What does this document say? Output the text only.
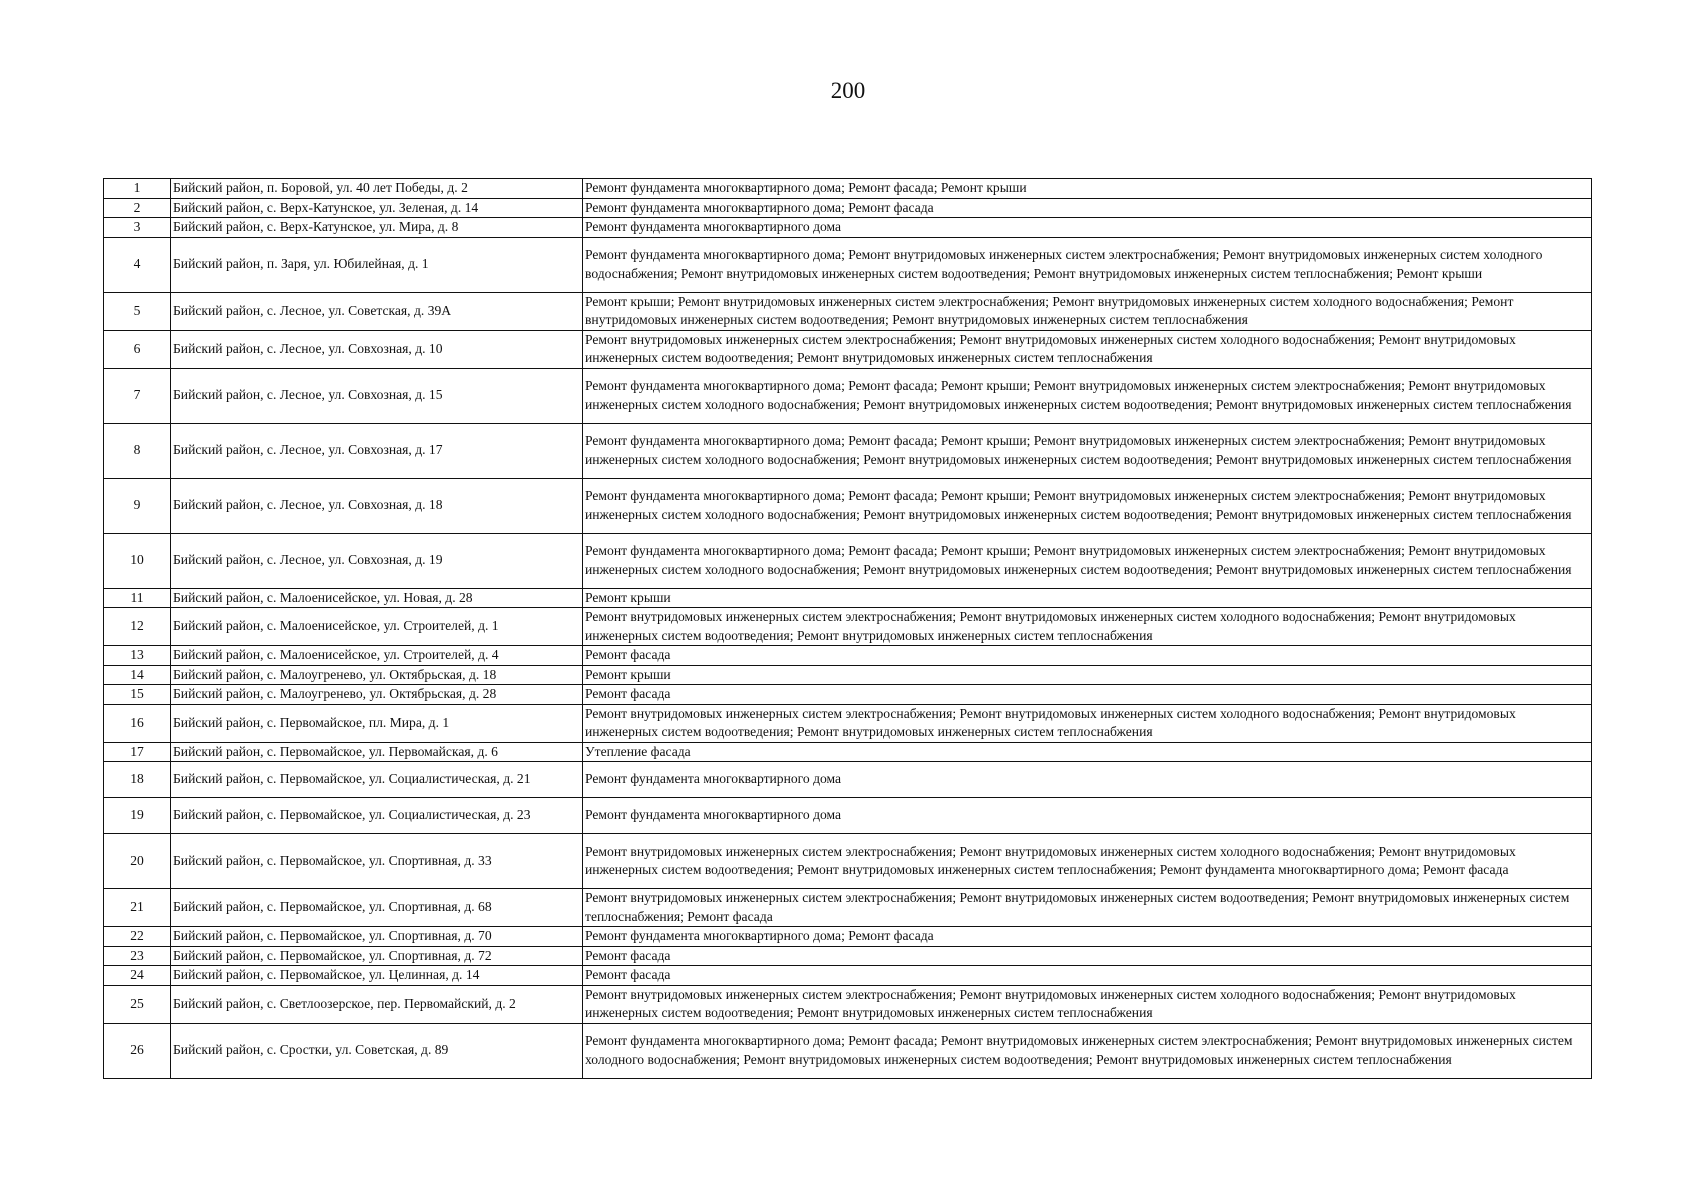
200
1	Бийский район, п. Боровой, ул. 40 лет Победы, д. 2	Ремонт фундамента многоквартирного дома; Ремонт фасада; Ремонт крыши
2	Бийский район, с. Верх-Катунское, ул. Зеленая, д. 14	Ремонт фундамента многоквартирного дома; Ремонт фасада
3	Бийский район, с. Верх-Катунское, ул. Мира, д. 8	Ремонт фундамента многоквартирного дома
4	Бийский район, п. Заря, ул. Юбилейная, д. 1	Ремонт фундамента многоквартирного дома; Ремонт внутридомовых инженерных систем электроснабжения; Ремонт внутридомовых инженерных систем холодного водоснабжения; Ремонт внутридомовых инженерных систем водоотведения; Ремонт внутридомовых инженерных систем теплоснабжения; Ремонт крыши
5	Бийский район, с. Лесное, ул. Советская, д. 39А	Ремонт крыши; Ремонт внутридомовых инженерных систем электроснабжения; Ремонт внутридомовых инженерных систем холодного водоснабжения; Ремонт внутридомовых инженерных систем водоотведения; Ремонт внутридомовых инженерных систем теплоснабжения
6	Бийский район, с. Лесное, ул. Совхозная, д. 10	Ремонт внутридомовых инженерных систем электроснабжения; Ремонт внутридомовых инженерных систем холодного водоснабжения; Ремонт внутридомовых инженерных систем водоотведения; Ремонт внутридомовых инженерных систем теплоснабжения
7	Бийский район, с. Лесное, ул. Совхозная, д. 15	Ремонт фундамента многоквартирного дома; Ремонт фасада; Ремонт крыши; Ремонт внутридомовых инженерных систем электроснабжения; Ремонт внутридомовых инженерных систем холодного водоснабжения; Ремонт внутридомовых инженерных систем водоотведения; Ремонт внутридомовых инженерных систем теплоснабжения
8	Бийский район, с. Лесное, ул. Совхозная, д. 17	Ремонт фундамента многоквартирного дома; Ремонт фасада; Ремонт крыши; Ремонт внутридомовых инженерных систем электроснабжения; Ремонт внутридомовых инженерных систем холодного водоснабжения; Ремонт внутридомовых инженерных систем водоотведения; Ремонт внутридомовых инженерных систем теплоснабжения
9	Бийский район, с. Лесное, ул. Совхозная, д. 18	Ремонт фундамента многоквартирного дома; Ремонт фасада; Ремонт крыши; Ремонт внутридомовых инженерных систем электроснабжения; Ремонт внутридомовых инженерных систем холодного водоснабжения; Ремонт внутридомовых инженерных систем водоотведения; Ремонт внутридомовых инженерных систем теплоснабжения
10	Бийский район, с. Лесное, ул. Совхозная, д. 19	Ремонт фундамента многоквартирного дома; Ремонт фасада; Ремонт крыши; Ремонт внутридомовых инженерных систем электроснабжения; Ремонт внутридомовых инженерных систем холодного водоснабжения; Ремонт внутридомовых инженерных систем водоотведения; Ремонт внутридомовых инженерных систем теплоснабжения
11	Бийский район, с. Малоенисейское, ул. Новая, д. 28	Ремонт крыши
12	Бийский район, с. Малоенисейское, ул. Строителей, д. 1	Ремонт внутридомовых инженерных систем электроснабжения; Ремонт внутридомовых инженерных систем холодного водоснабжения; Ремонт внутридомовых инженерных систем водоотведения; Ремонт внутридомовых инженерных систем теплоснабжения
13	Бийский район, с. Малоенисейское, ул. Строителей, д. 4	Ремонт фасада
14	Бийский район, с. Малоугренево, ул. Октябрьская, д. 18	Ремонт крыши
15	Бийский район, с. Малоугренево, ул. Октябрьская, д. 28	Ремонт фасада
16	Бийский район, с. Первомайское, пл. Мира, д. 1	Ремонт внутридомовых инженерных систем электроснабжения; Ремонт внутридомовых инженерных систем холодного водоснабжения; Ремонт внутридомовых инженерных систем водоотведения; Ремонт внутридомовых инженерных систем теплоснабжения
17	Бийский район, с. Первомайское, ул. Первомайская, д. 6	Утепление фасада
18	Бийский район, с. Первомайское, ул. Социалистическая, д. 21	Ремонт фундамента многоквартирного дома
19	Бийский район, с. Первомайское, ул. Социалистическая, д. 23	Ремонт фундамента многоквартирного дома
20	Бийский район, с. Первомайское, ул. Спортивная, д. 33	Ремонт внутридомовых инженерных систем электроснабжения; Ремонт внутридомовых инженерных систем холодного водоснабжения; Ремонт внутридомовых инженерных систем водоотведения; Ремонт внутридомовых инженерных систем теплоснабжения; Ремонт фундамента многоквартирного дома; Ремонт фасада
21	Бийский район, с. Первомайское, ул. Спортивная, д. 68	Ремонт внутридомовых инженерных систем электроснабжения; Ремонт внутридомовых инженерных систем водоотведения; Ремонт внутридомовых инженерных систем теплоснабжения; Ремонт фасада
22	Бийский район, с. Первомайское, ул. Спортивная, д. 70	Ремонт фундамента многоквартирного дома; Ремонт фасада
23	Бийский район, с. Первомайское, ул. Спортивная, д. 72	Ремонт фасада
24	Бийский район, с. Первомайское, ул. Целинная, д. 14	Ремонт фасада
25	Бийский район, с. Светлоозерское, пер. Первомайский, д. 2	Ремонт внутридомовых инженерных систем электроснабжения; Ремонт внутридомовых инженерных систем холодного водоснабжения; Ремонт внутридомовых инженерных систем водоотведения; Ремонт внутридомовых инженерных систем теплоснабжения
26	Бийский район, с. Сростки, ул. Советская, д. 89	Ремонт фундамента многоквартирного дома; Ремонт фасада; Ремонт внутридомовых инженерных систем электроснабжения; Ремонт внутридомовых инженерных систем холодного водоснабжения; Ремонт внутридомовых инженерных систем водоотведения; Ремонт внутридомовых инженерных систем теплоснабжения
